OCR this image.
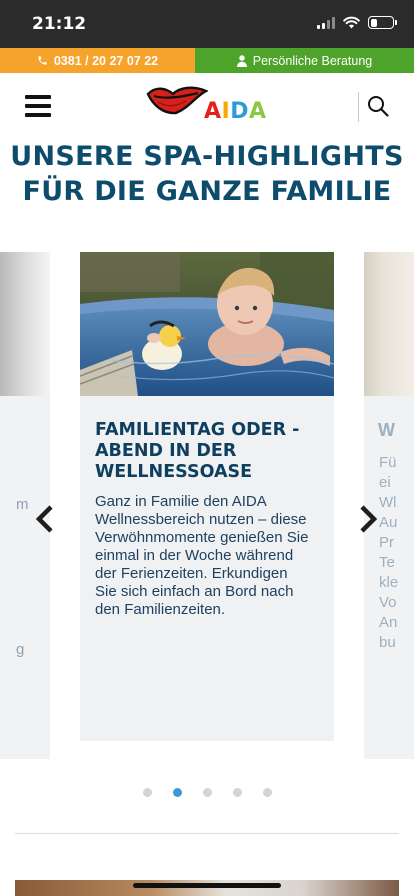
21:12
0381 / 20 27 07 22	Persönliche Beratung
AIDA
UNSERE SPA-HIGHLIGHTS
FÜR DIE GANZE FAMILIE
m
g
FAMILIENTAG ODER -
ABEND IN DER
WELLNESSOASE
Ganz in Familie den AIDA
Wellnessbereich nutzen – diese
Verwöhnmomente genießen Sie
einmal in der Woche während
der Ferienzeiten. Erkundigen
Sie sich einfach an Bord nach
den Familienzeiten.
W
Fü
ei
Wl
Au
Pr
Te
kle
Vo
An
bu
